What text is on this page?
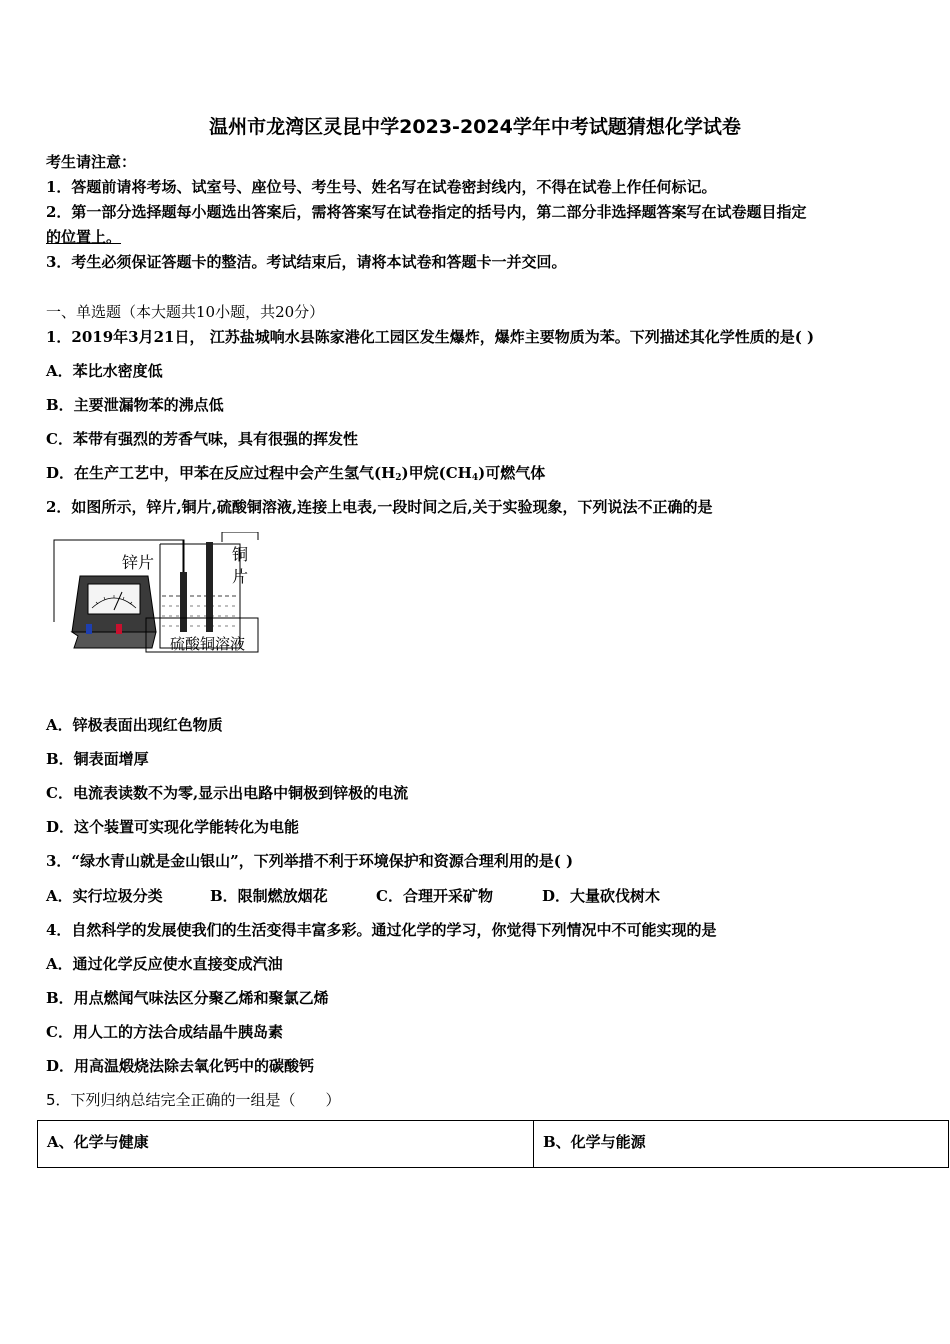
温州市龙湾区灵昆中学2023-2024学年中考试题猜想化学试卷
考生请注意：
1．答题前请将考场、试室号、座位号、考生号、姓名写在试卷密封线内，不得在试卷上作任何标记。
2．第一部分选择题每小题选出答案后，需将答案写在试卷指定的括号内，第二部分非选择题答案写在试卷题目指定
的位置上。
3．考生必须保证答题卡的整洁。考试结束后，请将本试卷和答题卡一并交回。
一、单选题（本大题共10小题，共20分）
1．2019年3月21日， 江苏盐城响水县陈家港化工园区发生爆炸，爆炸主要物质为苯。下列描述其化学性质的是( )
A．苯比水密度低
B．主要泄漏物苯的沸点低
C．苯带有强烈的芳香气味，具有很强的挥发性
D．在生产工艺中，甲苯在反应过程中会产生氢气$(H_2)$甲烷$(CH_4)$可燃气体
2．如图所示，锌片,铜片,硫酸铜溶液,连接上电表,一段时间之后,关于实验现象，下列说法不正确的是
锌片	铜
片
硫酸铜溶液
A．锌极表面出现红色物质
B．铜表面增厚
C．电流表读数不为零,显示出电路中铜极到锌极的电流
D．这个装置可实现化学能转化为电能
3．“绿水青山就是金山银山”，下列举措不利于环境保护和资源合理利用的是( )
A．实行垃圾分类	B．限制燃放烟花	C．合理开采矿物	D．大量砍伐树木
4．自然科学的发展使我们的生活变得丰富多彩。通过化学的学习，你觉得下列情况中不可能实现的是
A．通过化学反应使水直接变成汽油
B．用点燃闻气味法区分聚乙烯和聚氯乙烯
C．用人工的方法合成结晶牛胰岛素
D．用高温煅烧法除去氧化钙中的碳酸钙
5．下列归纳总结完全正确的一组是（　　）
A、化学与健康	B、化学与能源
